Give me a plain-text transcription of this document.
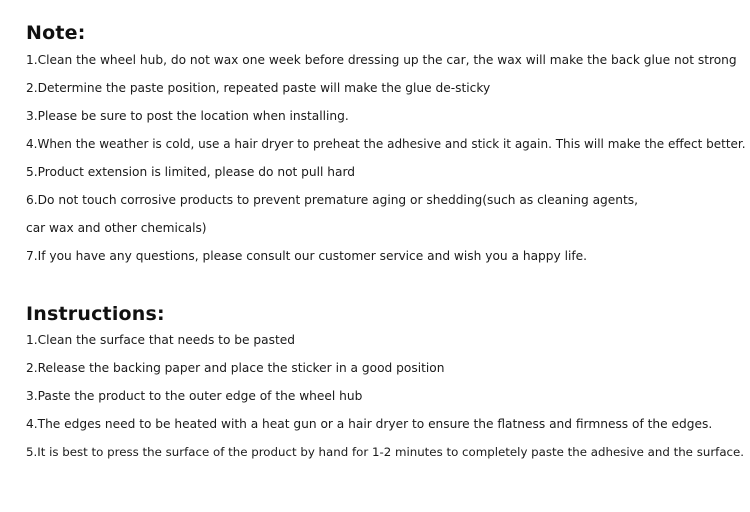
Note:
1.Clean the wheel hub, do not wax one week before dressing up the car, the wax will make the back glue not strong
2.Determine the paste position, repeated paste will make the glue de-sticky
3.Please be sure to post the location when installing.
4.When the weather is cold, use a hair dryer to preheat the adhesive and stick it again. This will make the effect better.
5.Product extension is limited, please do not pull hard
6.Do not touch corrosive products to prevent premature aging or shedding(such as cleaning agents,
car wax and other chemicals)
7.If you have any questions, please consult our customer service and wish you a happy life.
Instructions:
1.Clean the surface that needs to be pasted
2.Release the backing paper and place the sticker in a good position
3.Paste the product to the outer edge of the wheel hub
4.The edges need to be heated with a heat gun or a hair dryer to ensure the flatness and firmness of the edges.
5.It is best to press the surface of the product by hand for 1-2 minutes to completely paste the adhesive and the surface.
